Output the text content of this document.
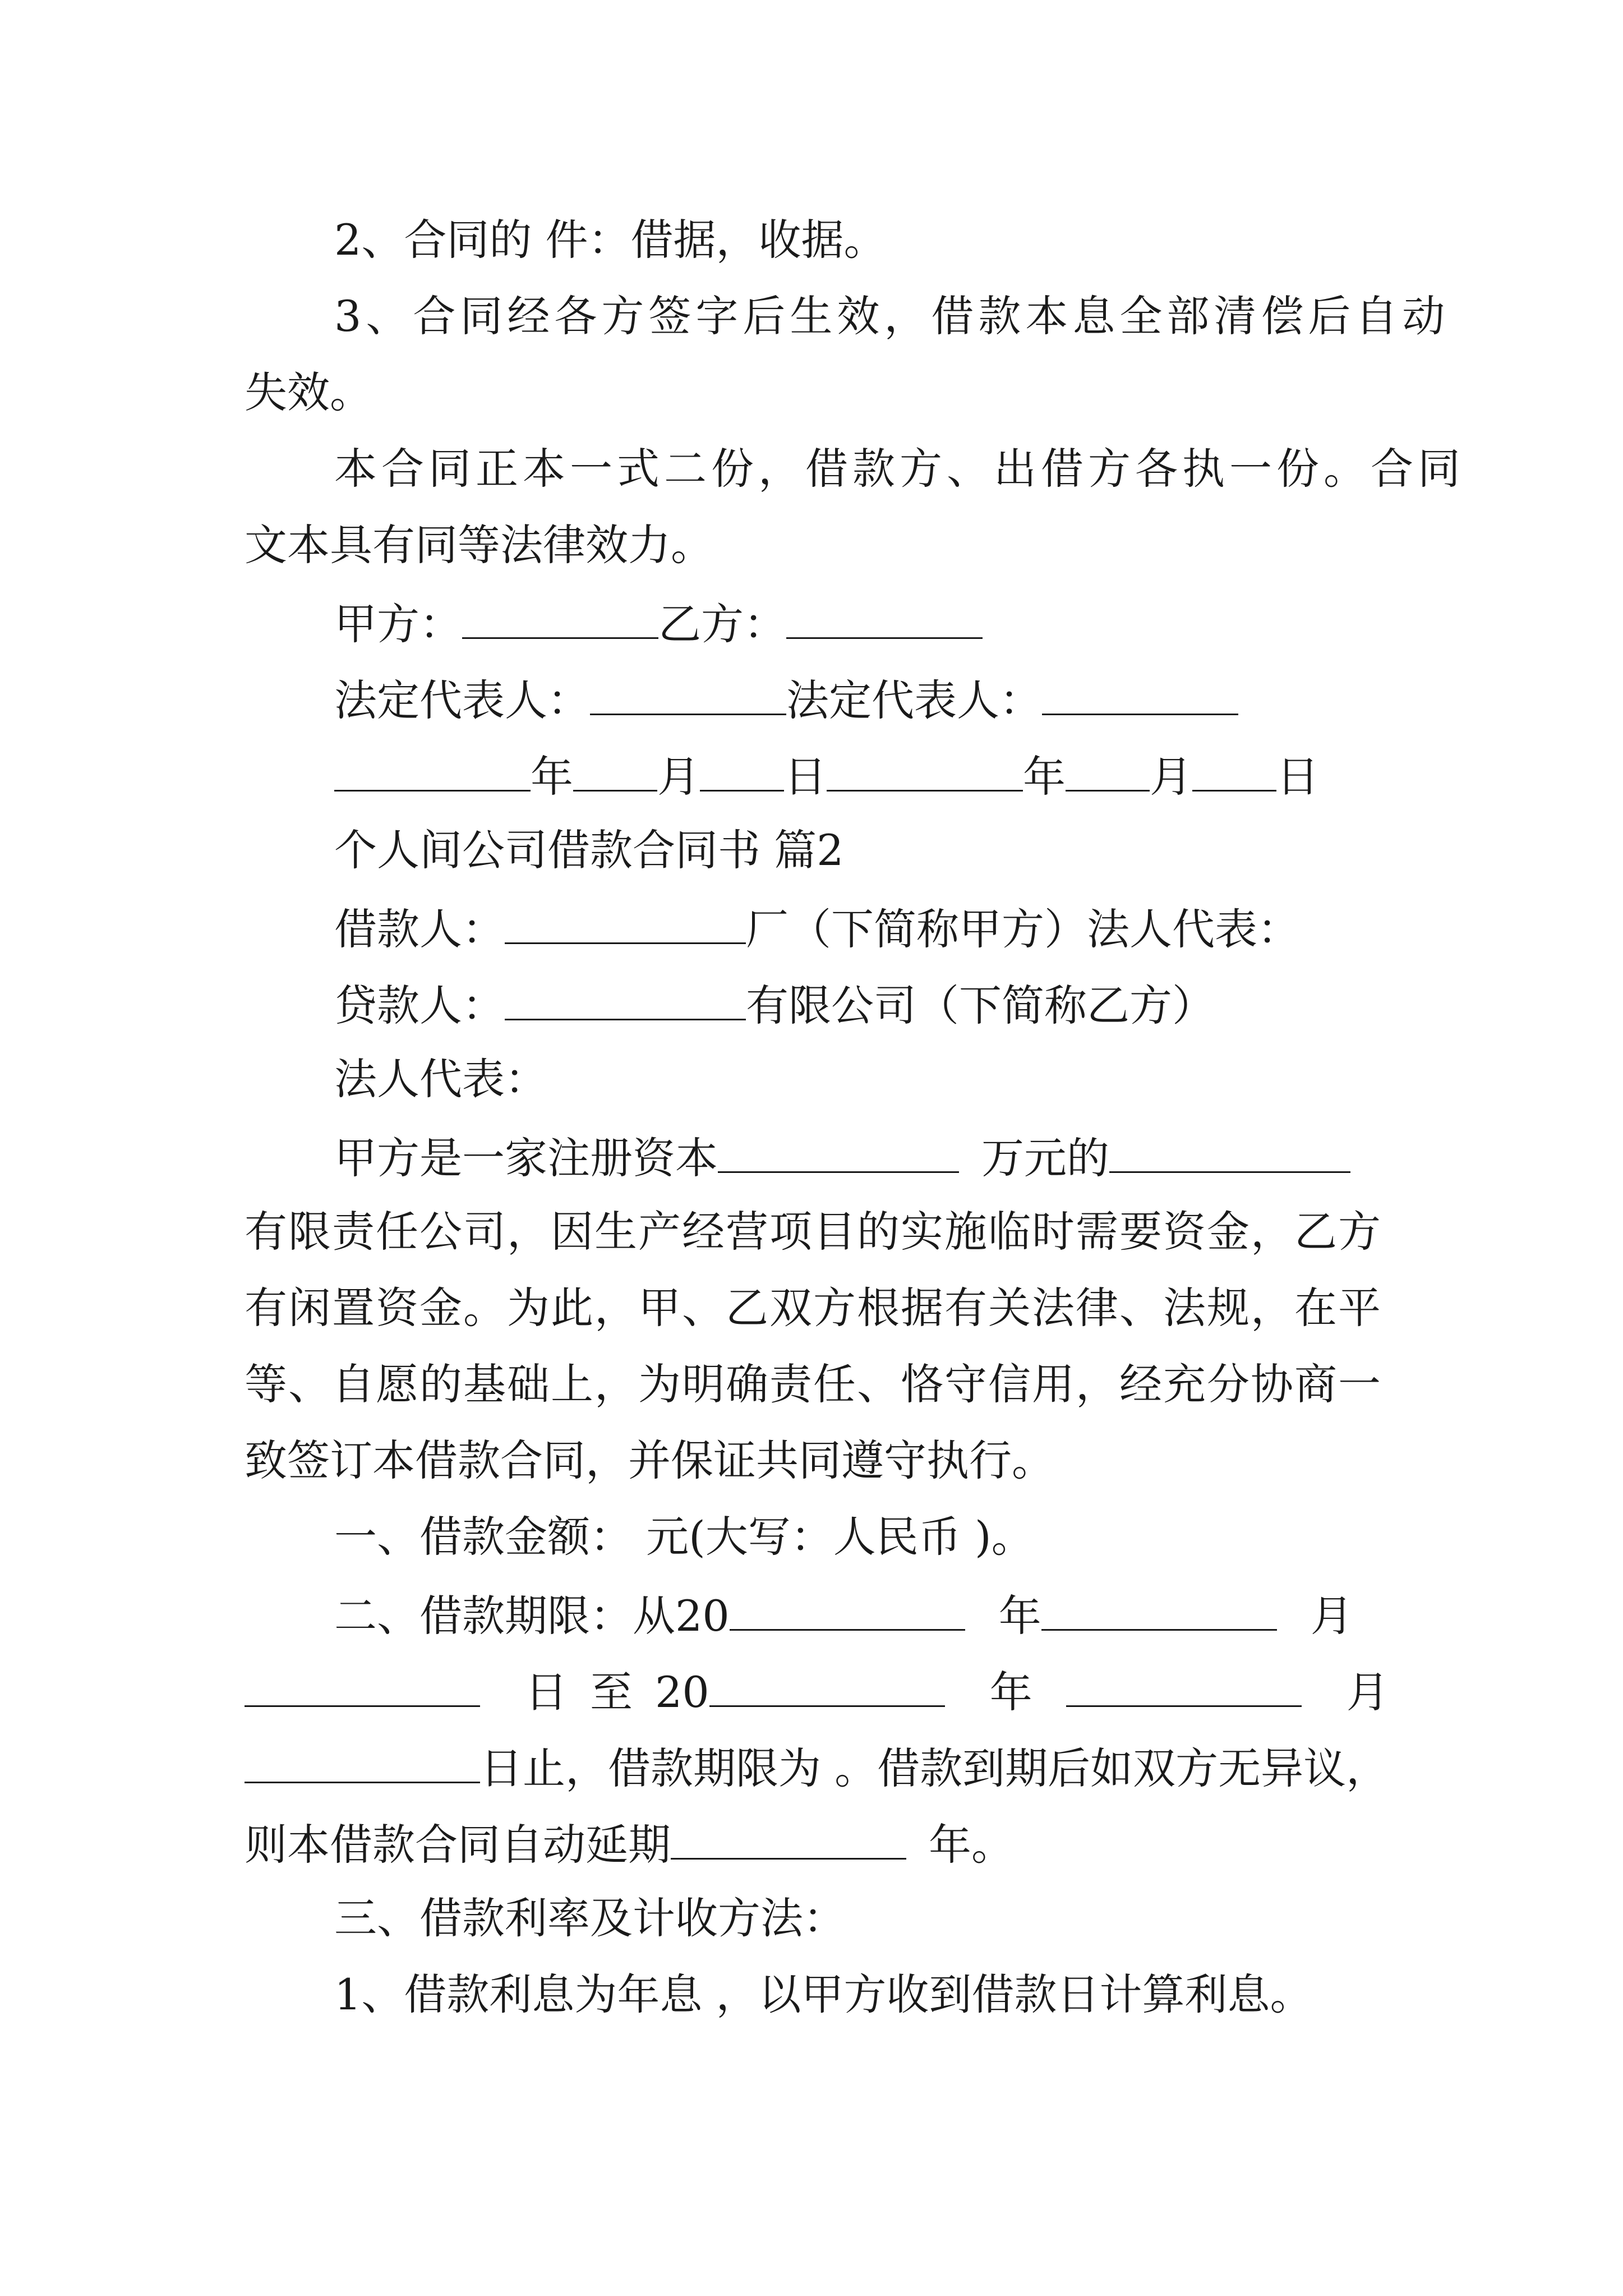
2、合同的 件：借据，收据。
3、合同经各方签字后生效，借款本息全部清偿后自动
失效。
本合同正本一式二份，借款方、出借方各执一份。合同
文本具有同等法律效力。
甲方：	乙方：
法定代表人：	法定代表人：
年 月 日	年 月 日
个人间公司借款合同书 篇2
借款人：	厂（下简称甲方）法人代表：
贷款人：	有限公司（下简称乙方）
法人代表：
甲方是一家注册资本	万元的
有限责任公司，因生产经营项目的实施临时需要资金，乙方
有闲置资金。为此，甲、乙双方根据有关法律、法规，在平
等、自愿的基础上，为明确责任、恪守信用，经充分协商一
致签订本借款合同，并保证共同遵守执行。
一、借款金额： 元(大写：人民币 )。
二、借款期限：从20	年	月
日至20	年	月
日止，借款期限为 。借款到期后如双方无异议，
则本借款合同自动延期	年。
三、借款利率及计收方法：
1、借款利息为年息 ，以甲方收到借款日计算利息。
